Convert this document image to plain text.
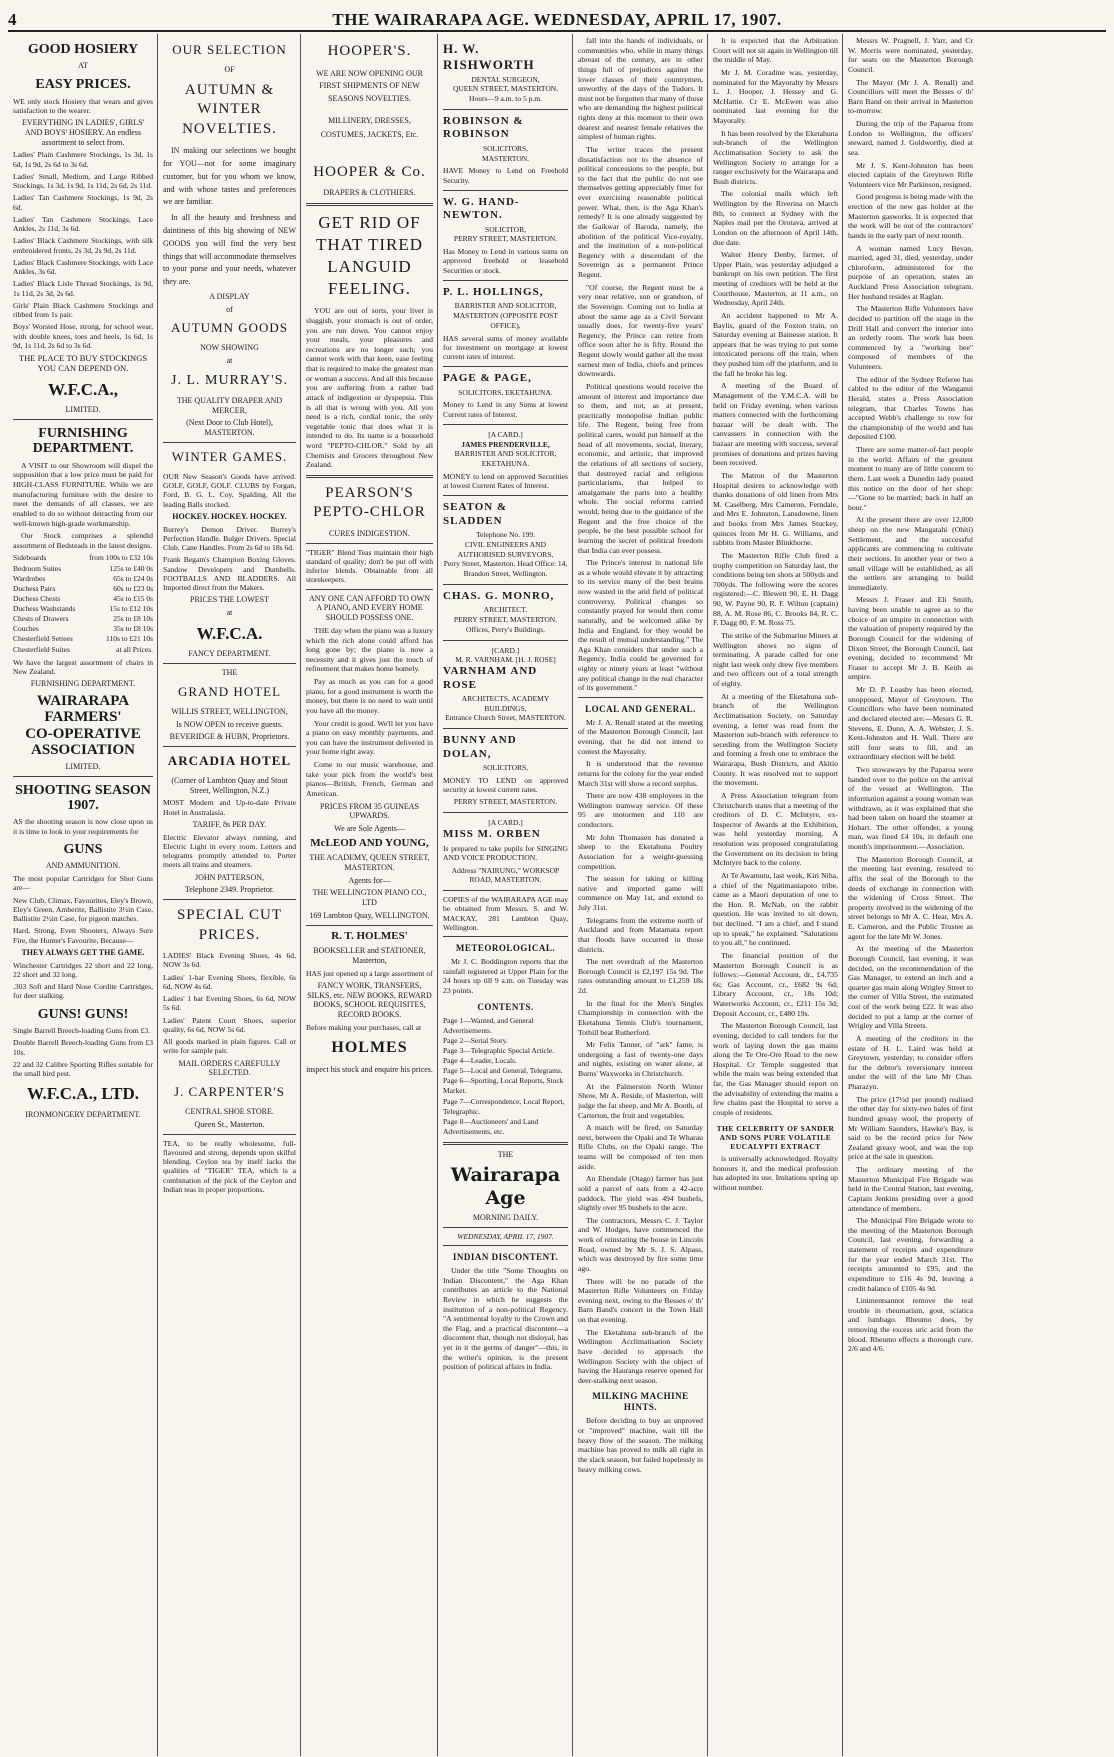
4	THE WAIRARAPA AGE. WEDNESDAY, APRIL 17, 1907.
GOOD HOSIERY
AT
EASY PRICES.
WE only stock Hosiery that wears and gives satisfaction to the wearer.
EVERYTHING IN LADIES', GIRLS' AND BOYS' HOSIERY. An endless assortment to select from.
Ladies' Plain Cashmere Stockings, 1s 3d, 1s 6d, 1s 9d, 2s 6d to 3s 6d.
Ladies' Small, Medium, and Large Ribbed Stockings, 1s 3d, 1s 9d, 1s 11d, 2s 6d, 2s 11d.
Ladies' Tan Cashmere Stockings, 1s 9d, 2s 6d.
Ladies' Tan Cashmere Stockings, Lace Ankles, 2s 11d, 3s 6d.
Ladies' Black Cashmere Stockings, with silk embroidered fronts, 2s 3d, 2s 9d, 2s 11d.
Ladies' Black Cashmere Stockings, with Lace Ankles, 3s 6d.
Ladies' Black Lisle Thread Stockings, 1s 9d, 1s 11d, 2s 3d, 2s 6d.
Girls' Plain Black Cashmere Stockings and ribbed from 1s pair.
Boys' Worsted Hose, strong, for school wear, with double knees, toes and heels, 1s 6d, 1s 9d, 1s 11d, 2s 6d to 3s 6d.
THE PLACE TO BUY STOCKINGS YOU CAN DEPEND ON.
W.F.C.A.,
LIMITED.
FURNISHING DEPARTMENT.
A VISIT to our Showroom will dispel the supposition that a low price must be paid for HIGH-CLASS FURNITURE. While we are manufacturing furniture with the desire to meet the demands of all classes, we are enabled to do so without detracting from our well-known high-grade workmanship.
Our Stock comprises a splendid assortment of Bedsteads in the latest designs.
Sideboards	from 100s to £32 10s
Bedroom Suites	125s to £40 0s
Wardrobes	65s to £24 0s
Duchess Pairs	60s to £23 0s
Duchess Chests	45s to £15 0s
Duchess Washstands	15s to £12 10s
Chests of Drawers	25s to £8 10s
Couches	35s to £8 10s
Chesterfield Settees	110s to £21 10s
Chesterfield Suites	at all Prices.
We have the largest assortment of chairs in New Zealand.
FURNISHING DEPARTMENT.
WAIRARAPA
FARMERS'
CO-OPERATIVE
ASSOCIATION
LIMITED.
SHOOTING SEASON 1907.
AS the shooting season is now close upon us it is time to look to your requirements for
GUNS
AND AMMUNITION.
The most popular Cartridges for Shot Guns are—
New Club, Climax, Favourites, Eley's Brown, Eley's Green, Amberite, Ballistite 3½in Case, Ballistite 2½in Case, for pigeon matches.
Hard, Strong, Even Shooters, Always Sure Fire, the Hunter's Favourite, Because—
THEY ALWAYS GET THE GAME.
Winchester Cartridges 22 short and 22 long, 22 short and 32 long.
.303 Soft and Hard Nose Cordite Cartridges, for deer stalking.
GUNS! GUNS!
Single Barrell Breech-loading Guns from £3.
Double Barrell Breech-loading Guns from £3 10s.
22 and 32 Calibre Sporting Rifles suitable for the small bird pest.
W.F.C.A., LTD.
IRONMONGERY DEPARTMENT.
OUR SELECTION
OF
AUTUMN & WINTER NOVELTIES.
IN making our selections we bought for YOU—not for some imaginary customer, but for you whom we know, and with whose tastes and preferences we are familiar.
In all the beauty and freshness and daintiness of this big showing of NEW GOODS you will find the very best things that will accommodate themselves to your purse and your needs, whatever they are.
A DISPLAY
of
AUTUMN GOODS
NOW SHOWING
at
J. L. MURRAY'S.
THE QUALITY DRAPER AND MERCER,
(Next Door to Club Hotel), MASTERTON.
WINTER GAMES.
OUR New Season's Goods have arrived. GOLF, GOLF, GOLF. CLUBS by Forgan, Ford, B. G. I., Coy, Spalding. All the leading Balls stocked.
HOCKEY. HOCKEY. HOCKEY.
Burrey's Demon Driver. Burrey's Perfection Handle. Bulger Drivers. Special Club. Cane Handles. From 2s 6d to 18s 6d.
Frank Begam's Champion Boxing Gloves. Sandow Developers and Dumbells. FOOTBALLS AND BLADDERS. All Imported direct from the Makers.
PRICES THE LOWEST
at
W.F.C.A.
FANCY DEPARTMENT.
THE
GRAND HOTEL
WILLIS STREET, WELLINGTON,
Is NOW OPEN to receive guests.
BEVERIDGE & HUBN, Proprietors.
ARCADIA HOTEL
(Corner of Lambton Quay and Stout Street, Wellington, N.Z.)
MOST Modern and Up-to-date Private Hotel in Australasia.
TARIFF, 8s PER DAY.
Electric Elevator always running, and Electric Light in every room. Letters and telegrams promptly attended to. Porter meets all trains and steamers.
JOHN PATTERSON,
Telephone 2349. Proprietor.
SPECIAL CUT PRICES.
LADIES' Black Evening Shoes, 4s 6d, NOW 3s 6d.
Ladies' 1-bar Evening Shoes, flexible, 6s 6d, NOW 4s 6d.
Ladies' 1 bar Evening Shoes, 6s 6d, NOW 5s 6d.
Ladies' Patent Court Shoes, superior quality, 6s 6d, NOW 5s 6d.
All goods marked in plain figures. Call or write for sample pair.
MAIL ORDERS CAREFULLY SELECTED.
J. CARPENTER'S
CENTRAL SHOE STORE.
Queen St., Masterton.
TEA, to be really wholesome, full-flavoured and strong, depends upon skilful blending. Ceylon tea by itself lacks the qualities of "TIGER" TEA, which is a combination of the pick of the Ceylon and Indian teas in proper proportions.
HOOPER'S.
WE ARE NOW OPENING OUR FIRST SHIPMENTS OF NEW SEASONS NOVELTIES.
MILLINERY, DRESSES, COSTUMES, JACKETS, Etc.
HOOPER & Co.
DRAPERS & CLOTHIERS.
GET RID OF THAT TIRED LANGUID FEELING.
YOU are out of sorts, your liver is sluggish, your stomach is out of order, you are run down. You cannot enjoy your meals, your pleasures and recreations are no longer such; you cannot work with that keen, ease feeling that is required to make the greatest man or woman a success. And all this because you are suffering from a rather bad attack of indigestion or dyspepsia. This is all that is wrong with you. All you need is a rich, cordial tonic, the only vegetable tonic that does what it is intended to do. Its name is a household word "PEPTO-CHLOR." Sold by all Chemists and Grocers throughout New Zealand.
PEARSON'S PEPTO-CHLOR
CURES INDIGESTION.
"TIGER" Blend Teas maintain their high standard of quality; don't be put off with inferior blends. Obtainable from all storekeepers.
ANY ONE CAN AFFORD TO OWN A PIANO, AND EVERY HOME SHOULD POSSESS ONE.
THE day when the piano was a luxury which the rich alone could afford has long gone by; the piano is now a necessity and it gives just the touch of refinement that makes home homely.
Pay as much as you can for a good piano, for a good instrument is worth the money, but there is no need to wait until you have all the money.
Your credit is good. We'll let you have a piano on easy monthly payments, and you can have the instrument delivered in your home right away.
Come to our music warehouse, and take your pick from the world's best pianos—British, French, German and American.
PRICES FROM 35 GUINEAS UPWARDS.
We are Sole Agents—
McLEOD AND YOUNG,
THE ACADEMY, QUEEN STREET, MASTERTON.
Agents for—
THE WELLINGTON PIANO CO., LTD
169 Lambton Quay, WELLINGTON.
R. T. HOLMES'
BOOKSELLER and STATIONER, Masterton,
HAS just opened up a large assortment of
FANCY WORK, TRANSFERS, SILKS, etc. NEW BOOKS, REWARD BOOKS, SCHOOL REQUISITES, RECORD BOOKS.
Before making your purchases, call at
HOLMES
inspect his stock and enquire his prices.
H. W. RISHWORTH
DENTAL SURGEON,
QUEEN STREET, MASTERTON.
Hours—9 a.m. to 5 p.m.
ROBINSON & ROBINSON
SOLICITORS,
MASTERTON.
HAVE Money to Lend on Freehold Security.
W. G. HAND-NEWTON.
SOLICITOR,
PERRY STREET, MASTERTON.
Has Money to Lend in various sums on approved freehold or leasehold Securities or stock.
P. L. HOLLINGS,
BARRISTER AND SOLICITOR,
MASTERTON (OPPOSITE POST OFFICE),
HAS several sums of money available for investment on mortgage at lowest current rates of interest.
PAGE & PAGE,
SOLICITORS, EKETAHUNA.
Money to Lend in any Sums at lowest Current rates of Interest.
[A CARD.]
JAMES PRENDERVILLE,
BARRISTER AND SOLICITOR,
EKETAHUNA.
MONEY to lend on approved Securities at lowest Current Rates of Interest.
SEATON & SLADDEN
Telephone No. 199.
CIVIL ENGINEERS AND AUTHORISED SURVEYORS,
Perry Street, Masterton. Head Office: 14, Brandon Street, Wellington.
CHAS. G. MONRO,
ARCHITECT.
PERRY STREET, MASTERTON. Offices, Perry's Buildings.
[CARD.]
M. R. VARNHAM. [H. J. ROSE]
VARNHAM AND ROSE
ARCHITECTS, ACADEMY BUILDINGS,
Entrance Church Street, MASTERTON.
BUNNY AND DOLAN,
SOLICITORS,
MONEY TO LEND on approved security at lowest current rates.
PERRY STREET, MASTERTON.
[A CARD.]
MISS M. ORBEN
Is prepared to take pupils for SINGING AND VOICE PRODUCTION.
Address "NAIRUNG," WORKSOP ROAD, MASTERTON.
COPIES of the WAIRARAPA AGE may be obtained from Messrs. S. and W. MACKAY, 281 Lambton Quay, Wellington.
METEOROLOGICAL.
Mr J. C. Boddington reports that the rainfall registered at Upper Plain for the 24 hours up till 9 a.m. on Tuesday was 23 points.
CONTENTS.
Page 1—Wanted, and General Advertisements.
Page 2—Serial Story.
Page 3—Telegraphic Special Article.
Page 4—Leader, Locals.
Page 5—Local and General, Telegrams.
Page 6—Sporting, Local Reports, Stock Market.
Page 7—Correspondence, Local Report, Telegraphic.
Page 8—Auctioneers' and Land Advertisements, etc.
THE
Wairarapa Age
MORNING DAILY.
WEDNESDAY, APRIL 17, 1907.
INDIAN DISCONTENT.
Under the title "Some Thoughts on Indian Discontent," the Aga Khan contributes an article to the National Review in which he suggests the institution of a non-political Regency. "A sentimental loyalty to the Crown and the Flag, and a practical discontent—a discontent that, though not disloyal, has yet in it the germs of danger"—this, in the writer's opinion, is the present position of political affairs in India.
fall into the hands of individuals, or communities who, while in many things abreast of the century, are in other things full of prejudices against the lower classes of their countrymen, unworthy of the days of the Tudors. It must not be forgotten that many of those who are demanding the highest political rights deny at this moment to their own dearest and nearest female relatives the simplest of human rights.
The writer traces the present dissatisfaction not to the absence of political concessions to the people, but to the fact that the public do not see themselves getting appreciably fitter for ever exercising reasonable political power. What, then, is the Aga Khan's remedy? It is one already suggested by the Gaikwar of Baroda, namely, the abolition of the political Vice-royalty, and the institution of a non-political Regency with a descendant of the Sovereign as a permanent Prince Regent.
"Of course, the Regent must be a very near relative, son or grandson, of the Sovereign. Coming out to India at about the same age as a Civil Servant usually does, for twenty-five years' Regency, the Prince can retire from office soon after he is fifty. Round the Regent slowly would gather all the most earnest men of India, chiefs and princes downwards.
Political questions would receive the amount of interest and importance due to them, and not, as at present, practically monopolise Indian public life. The Regent, being free from political cares, would put himself at the head of all movements, social, literary, economic, and artistic, that improved the relations of all sections of society, that destroyed racial and religious particularisms, that helped to amalgamate the parts into a healthy whole. The social reforms carried would, being due to the guidance of the Regent and the free choice of the people, be the best possible school for learning the secret of political freedom that India can ever possess.
The Prince's interest in national life as a whole would elevate it by attracting to its service many of the best brains now wasted in the arid field of political controversy. Political changes so constantly prayed for would then come naturally, and be welcomed alike by India and England, for they would be the result of mutual understanding." The Aga Khan considers that under such a Regency, India could be governed for eighty or ninety years at least "without any political change in the real character of its government."
LOCAL AND GENERAL.
Mr J. A. Renall stated at the meeting of the Masterton Borough Council, last evening, that he did not intend to contest the Mayoralty.
It is understood that the revenue returns for the colony for the year ended March 31st will show a record surplus.
There are now 438 employees in the Wellington tramway service. Of these 95 are motormen and 110 are conductors.
Mr John Thomasen has donated a sheep to the Eketahuna Poultry Association for a weight-guessing competition.
The season for taking or killing native and imported game will commence on May 1st, and extend to July 31st.
Telegrams from the extreme north of Auckland and from Matamata report that floods have occurred in those districts.
The nett overdraft of the Masterton Borough Council is £2,197 15s 9d. The rates outstanding amount to £1,259 18s 2d.
In the final for the Men's Singles Championship in connection with the Eketahuna Tennis Club's tournament, Tothill beat Rutherford.
Mr Felix Tanner, of "ark" fame, is undergoing a fast of twenty-one days and nights, existing on water alone, at Burns' Waxworks in Christchurch.
At the Palmerston North Winter Show, Mr A. Reside, of Masterton, will judge the fat sheep, and Mr A. Booth, of Carterton, the fruit and vegetables.
A match will be fired, on Saturday next, between the Opaki and Te Wharau Rifle Clubs, on the Opaki range. The teams will be composed of ten men aside.
An Ebendale (Otago) farmer has just sold a parcel of oats from a 42-acre paddock. The yield was 494 bushels, slightly over 95 bushels to the acre.
The contractors, Messrs C. J. Taylor and W. Hodges, have commenced the work of reinstating the house in Lincoln Road, owned by Mr S. J. S. Alpass, which was destroyed by fire some time ago.
There will be no parade of the Masterton Rifle Volunteers on Friday evening next, owing to the Besses o' th' Barn Band's concert in the Town Hall on that evening.
The Eketahuna sub-branch of the Wellington Acclimatisation Society have decided to approach the Wellington Society with the object of having the Hauranga reserve opened for deer-stalking next season.
MILKING MACHINE HINTS.
Before deciding to buy an unproved or "improved" machine, wait till the heavy flow of the season. The milking machine has proved to milk all right in the slack season, but failed hopelessly in heavy milking cows.
It is expected that the Arbitration Court will not sit again in Wellington till the middle of May.
Mr J. M. Coradine was, yesterday, nominated for the Mayoralty by Messrs L. J. Hooper, J. Hessey and G. McHattie. Cr E. McEwen was also nominated last evening for the Mayoralty.
It has been resolved by the Eketahuna sub-branch of the Wellington Acclimatisation Society to ask the Wellington Society to arrange for a ranger exclusively for the Wairarapa and Bush districts.
The colonial mails which left Wellington by the Riverina on March 8th, to connect at Sydney with the Naples mail per the Orotava, arrived at London on the afternoon of April 14th, due date.
Walter Henry Denby, farmer, of Upper Plain, was yesterday adjudged a bankrupt on his own petition. The first meeting of creditors will be held at the Courthouse, Masterton, at 11 a.m., on Wednesday, April 24th.
An accident happened to Mr A. Baylis, guard of the Foxton train, on Saturday evening at Bainesse station. It appears that he was trying to put some intoxicated persons off the train, when they pushed him off the platform, and in the fall he broke his leg.
A meeting of the Board of Management of the Y.M.C.A. will be held on Friday evening, when various matters connected with the forthcoming bazaar will be dealt with. The canvassers in connection with the bazaar are meeting with success, several promises of donations and prizes having been received.
The Matron of the Masterton Hospital desires to acknowledge with thanks donations of old linen from Mrs M. Caselberg, Mrs Cameron, Ferndale, and Mrs E. Johnston, Lansdowne, linen and books from Mrs James Stuckey, quinces from Mr H. G. Williams, and rabbits from Master Blinkhorne.
The Masterton Rifle Club fired a trophy competition on Saturday last, the conditions being ten shots at 500yds and 700yds. The following were the scores registered:—C. Blewett 90, E. H. Dagg 90, W. Payne 90, R. F. Wilton (captain) 88, A. M. Rose 86, C. Brooks 84, R. C. F. Dagg 80, F. M. Ross 75.
The strike of the Submarine Miners at Wellington shows no signs of terminating. A parade called for one night last week only drew five members and two officers out of a total strength of eighty.
At a meeting of the Eketahuna sub-branch of the Wellington Acclimatisation Society, on Saturday evening, a letter was read from the Masterton sub-branch with reference to seceding from the Wellington Society and forming a fresh one to embrace the Wairarapa, Bush Districts, and Akitio County. It was resolved not to support the movement.
A Press Association telegram from Christchurch states that a meeting of the creditors of D. C. McIntyre, ex-Inspector of Awards at the Exhibition, was held yesterday morning. A resolution was proposed congratulating the Government on its decision to bring McIntyre back to the colony.
At Te Awamutu, last week, Kiri Niha, a chief of the Ngatimaniapoto tribe, came as a Maori deputation of one to the Hon. R. McNab, on the rabbit question. He was invited to sit down, but declined. "I am a chief, and I stand up to speak," he explained. "Salutations to you all," he continued.
The financial position of the Masterton Borough Council is as follows:—General Account, dr., £4,735 6s; Gas Account, cr., £682 9s 6d; Library Account, cr., 18s 10d; Waterworks Account, cr., £211 15s 3d; Deposit Account, cr., £480 19s.
The Masterton Borough Council, last evening, decided to call tenders for the work of laying down the gas mains along the Te Ore-Ore Road to the new Hospital. Cr Temple suggested that while the main was being extended that far, the Gas Manager should report on the advisability of extending the mains a few chains past the Hospital to serve a couple of residents.
THE CELEBRITY OF SANDER AND SONS PURE VOLATILE EUCALYPTI EXTRACT
is universally acknowledged. Royalty honours it, and the medical profession has adopted its use. Imitations spring up without number.
Messrs W. Pragnell, J. Yarr, and Cr W. Morris were nominated, yesterday, for seats on the Masterton Borough Council.
The Mayor (Mr J. A. Renall) and Councillors will meet the Besses o' th' Barn Band on their arrival in Masterton to-morrow.
During the trip of the Paparoa from London to Wellington, the officers' steward, named J. Goldworthy, died at sea.
Mr J. S. Kent-Johnston has been elected captain of the Greytown Rifle Volunteers vice Mr Parkinson, resigned.
Good progress is being made with the erection of the new gas holder at the Masterton gasworks. It is expected that the work will be out of the contractors' hands in the early part of next month.
A woman named Lucy Bevan, married, aged 31, died, yesterday, under chloroform, administered for the purpose of an operation, states an Auckland Press Association telegram. Her husband resides at Raglan.
The Masterton Rifle Volunteers have decided to partition off the stage in the Drill Hall and convert the interior into an orderly room. The work has been commenced by a "working bee" composed of members of the Volunteers.
The editor of the Sydney Referee has cabled to the editor of the Wanganui Herald, states a Press Association telegram, that Charles Towns has accepted Webb's challenge to row for the championship of the world and has deposited £100.
There are some matter-of-fact people in the world. Affairs of the greatest moment to many are of little concern to them. Last week a Dunedin lady posted this notice on the door of her shop:—"Gone to be married; back in half an hour."
At the present there are over 12,000 sheep on the new Mangatahi (Ohiti) Settlement, and the successful applicants are commencing to cultivate their sections. In another year or two a small village will be established, as all the settlers are arranging to build immediately.
Messrs J. Fraser and Eli Smith, having been unable to agree as to the choice of an umpire in connection with the valuation of property required by the Borough Council for the widening of Dixon Street, the Borough Council, last evening, decided to recommend Mr Fraser to accept Mr J. B. Keith as umpire.
Mr D. P. Loasby has been elected, unopposed, Mayor of Greytown. The Councillors who have been nominated and declared elected are:—Messrs G. R. Stevens, E. Dunn, A. A. Webster, J. S. Kent-Johnston and H. Wall. There are still four seats to fill, and an extraordinary election will be held.
Two stowaways by the Paparoa were handed over to the police on the arrival of the vessel at Wellington. The information against a young woman was withdrawn, as it was explained that she had been taken on board the steamer at Hobart. The other offender, a young man, was fined £4 10s, in default one month's imprisonment.—Association.
The Masterton Borough Council, at the meeting last evening, resolved to affix the seal of the Borough to the deeds of exchange in connection with the widening of Cross Street. The property involved in the widening of the street belongs to Mr A. C. Hear, Mrs A. E. Cameron, and the Public Trustee as agent for the late Mr W. Jones.
At the meeting of the Masterton Borough Council, last evening, it was decided, on the recommendation of the Gas Manager, to extend an inch and a quarter gas main along Wrigley Street to the corner of Villa Street, the estimated cost of the work being £22. It was also decided to put a lamp at the corner of Wrigley and Villa Streets.
A meeting of the creditors in the estate of H. L. Laird was held at Greytown, yesterday, to consider offers for the debtor's reversionary interest under the will of the late Mr Chas. Pharazyn.
The price (17½d per pound) realised the other day for sixty-two bales of first hundred greasy wool, the property of Mr William Saunders, Hawke's Bay, is said to be the record price for New Zealand greasy wool, and was the top price at the sale in question.
The ordinary meeting of the Masterton Municipal Fire Brigade was held in the Central Station, last evening, Captain Jenkins presiding over a good attendance of members.
The Municipal Fire Brigade wrote to the meeting of the Masterton Borough Council, last evening, forwarding a statement of receipts and expenditure for the year ended March 31st. The receipts amounted to £95, and the expenditure to £16 4s 9d, leaving a credit balance of £105 4s 9d.
Linimentsannot remove the real trouble in rheumatism, gout, sciatica and lumbago. Rheumo does, by removing the excess uric acid from the blood. Rheumo effects a thorough cure. 2/6 and 4/6.
